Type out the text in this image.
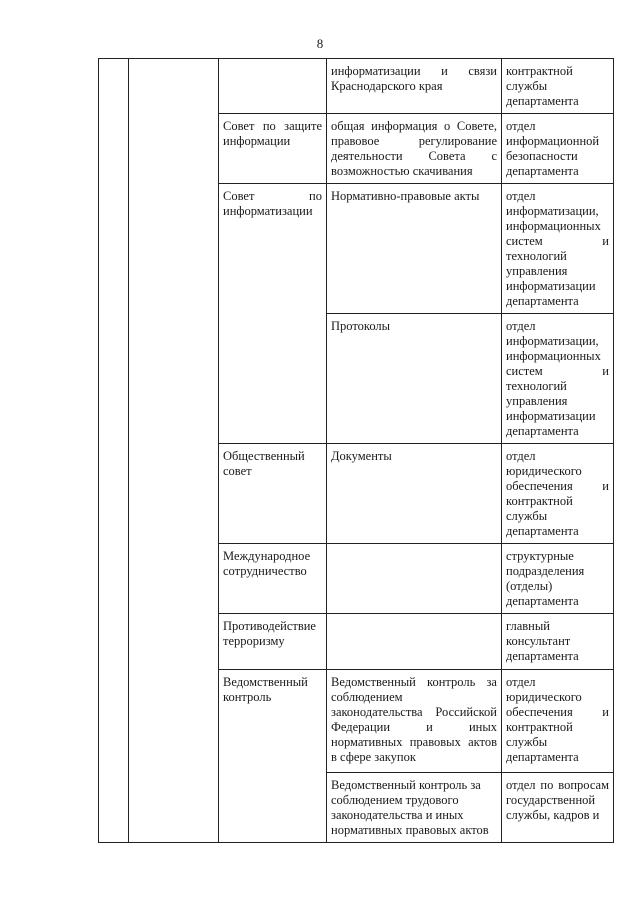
8
			информатизации и связи Краснодарского края	контрактной службы департамента
		Совет по защите информации	общая информация о Совете, правовое регулирование деятельности Совета с возможностью скачивания	отдел информационной безопасности департамента
		Совет по информатизации	Нормативно-правовые акты	отдел информатизации, информационных систем и технологий управления информатизации департамента
			Протоколы	отдел информатизации, информационных систем и технологий управления информатизации департамента
		Общественный совет	Документы	отдел юридического обеспечения и контрактной службы департамента
		Международное сотрудничество		структурные подразделения (отделы) департамента
		Противодействие терроризму		главный консультант департамента
		Ведомственный контроль	Ведомственный контроль за соблюдением законодательства Российской Федерации и иных нормативных правовых актов в сфере закупок	отдел юридического обеспечения и контрактной службы департамента
			Ведомственный контроль за соблюдением трудового законодательства и иных нормативных правовых актов	отдел по вопросам государственной службы, кадров и
